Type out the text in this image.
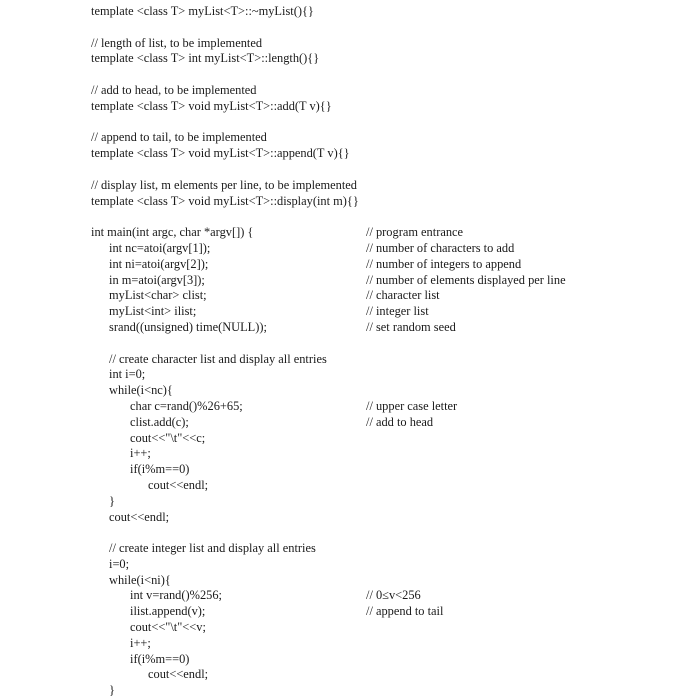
template <class T> myList<T>::~myList(){}
// length of list, to be implemented
template <class T> int myList<T>::length(){}
// add to head, to be implemented
template <class T> void myList<T>::add(T v){}
// append to tail, to be implemented
template <class T> void myList<T>::append(T v){}
// display list, m elements per line, to be implemented
template <class T> void myList<T>::display(int m){}
int main(int argc, char *argv[]) {	// program entrance
int nc=atoi(argv[1]);	// number of characters to add
int ni=atoi(argv[2]);	// number of integers to append
in m=atoi(argv[3]);	// number of elements displayed per line
myList<char> clist;	// character list
myList<int> ilist;	// integer list
srand((unsigned) time(NULL));	// set random seed
// create character list and display all entries
int i=0;
while(i<nc){
char c=rand()%26+65;	// upper case letter
clist.add(c);	// add to head
cout<<"\t"<<c;
i++;
if(i%m==0)
cout<<endl;
}
cout<<endl;
// create integer list and display all entries
i=0;
while(i<ni){
int v=rand()%256;	// 0≤v<256
ilist.append(v);	// append to tail
cout<<"\t"<<v;
i++;
if(i%m==0)
cout<<endl;
}
